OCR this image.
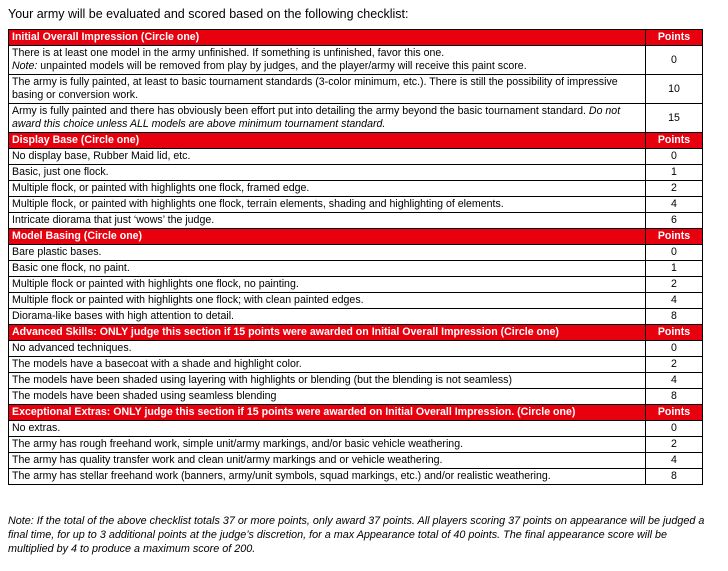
Your army will be evaluated and scored based on the following checklist:
Initial Overall Impression (Circle one)	Points
There is at least one model in the army unfinished. If something is unfinished, favor this one.
Note: unpainted models will be removed from play by judges, and the player/army will receive this paint score.	0
The army is fully painted, at least to basic tournament standards (3-color minimum, etc.). There is still the possibility of impressive basing or conversion work.	10
Army is fully painted and there has obviously been effort put into detailing the army beyond the basic tournament standard. Do not award this choice unless ALL models are above minimum tournament standard.	15
Display Base (Circle one)	Points
No display base, Rubber Maid lid, etc.	0
Basic, just one flock.	1
Multiple flock, or painted with highlights one flock, framed edge.	2
Multiple flock, or painted with highlights one flock, terrain elements, shading and highlighting of elements.	4
Intricate diorama that just ‘wows’ the judge.	6
Model Basing (Circle one)	Points
Bare plastic bases.	0
Basic one flock, no paint.	1
Multiple flock or painted with highlights one flock, no painting.	2
Multiple flock or painted with highlights one flock; with clean painted edges.	4
Diorama-like bases with high attention to detail.	8
Advanced Skills: ONLY judge this section if 15 points were awarded on Initial Overall Impression (Circle one)	Points
No advanced techniques.	0
The models have a basecoat with a shade and highlight color.	2
The models have been shaded using layering with highlights or blending (but the blending is not seamless)	4
The models have been shaded using seamless blending	8
Exceptional Extras: ONLY judge this section if 15 points were awarded on Initial Overall Impression. (Circle one)	Points
No extras.	0
The army has rough freehand work, simple unit/army markings, and/or basic vehicle weathering.	2
The army has quality transfer work and clean unit/army markings and or vehicle weathering.	4
The army has stellar freehand work (banners, army/unit symbols, squad markings, etc.) and/or realistic weathering.	8
Note: If the total of the above checklist totals 37 or more points, only award 37 points. All players scoring 37 points on appearance will be judged a final time, for up to 3 additional points at the judge’s discretion, for a max Appearance total of 40 points. The final appearance score will be multiplied by 4 to produce a maximum score of 200.
